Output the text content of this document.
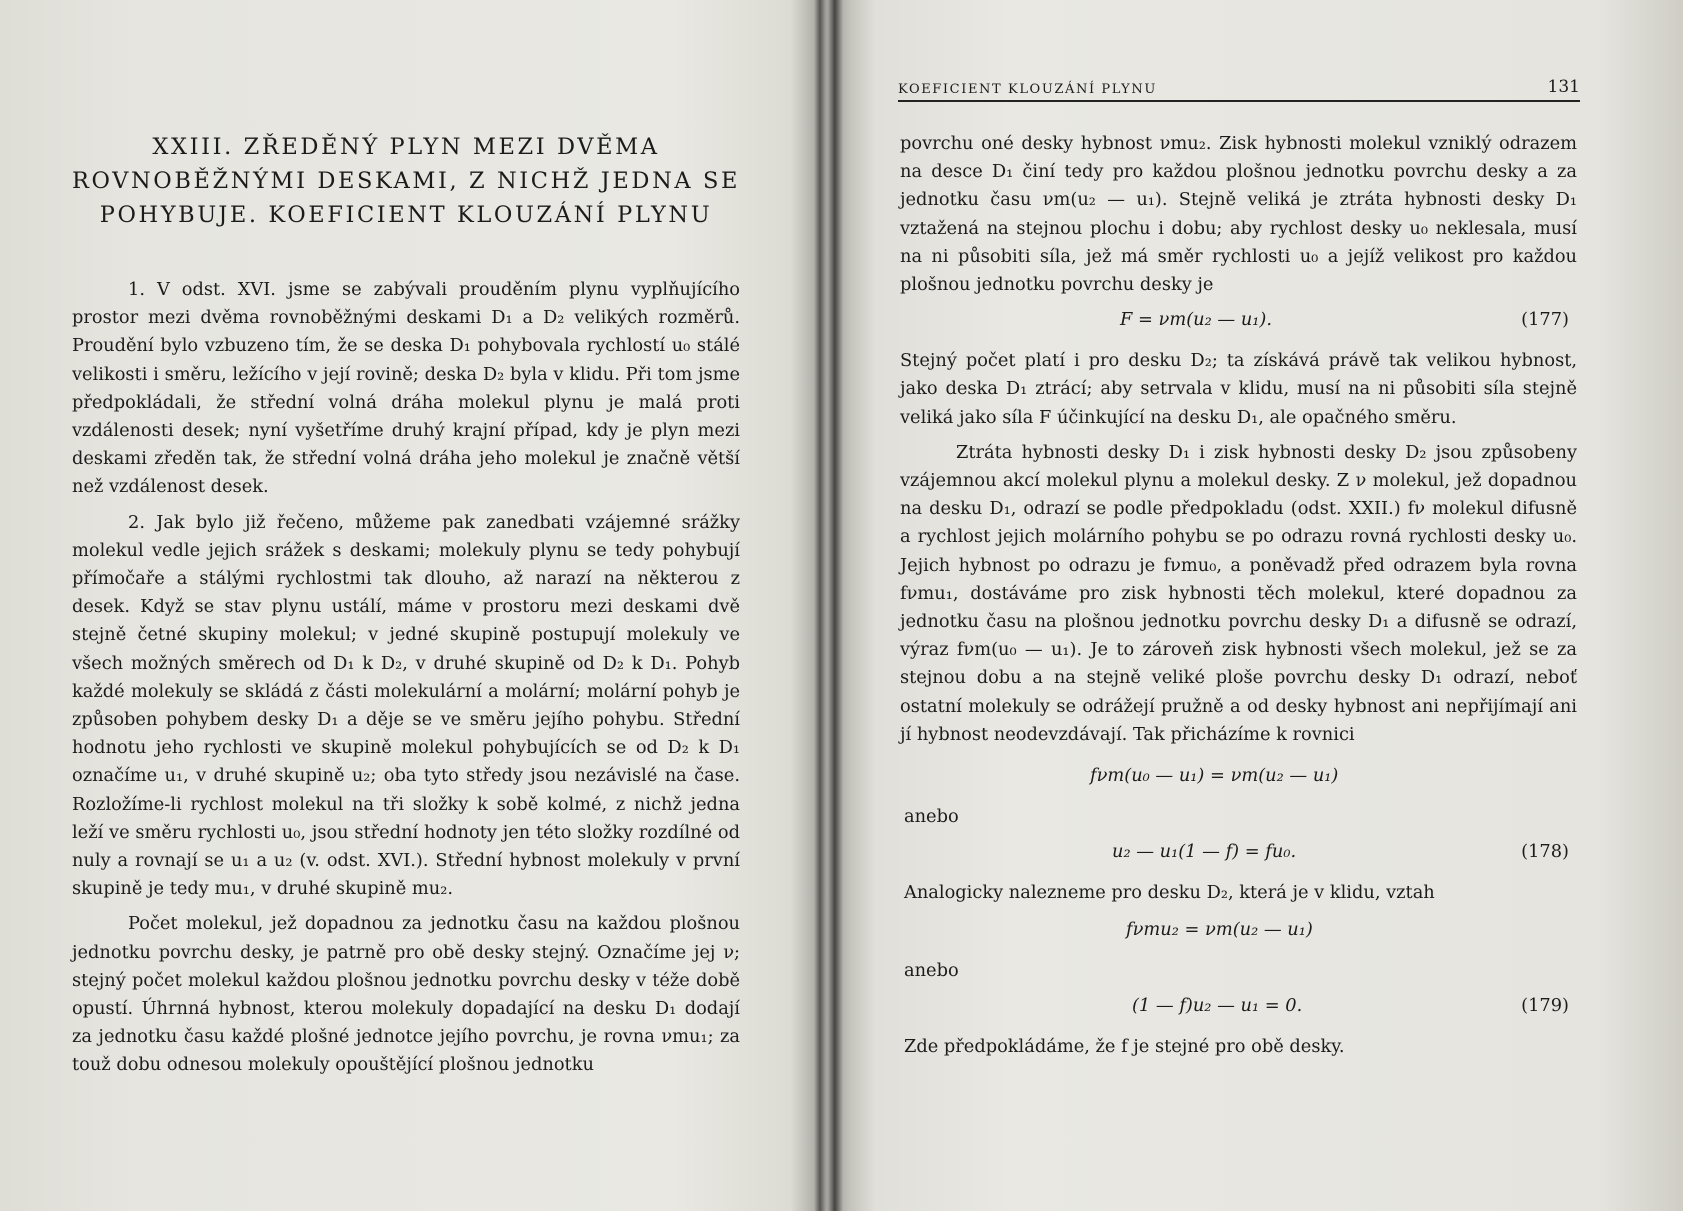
XXIII. ZŘEDĚNÝ PLYN MEZI DVĚMA
ROVNOBĚŽNÝMI DESKAMI, Z NICHŽ JEDNA SE
POHYBUJE. KOEFICIENT KLOUZÁNÍ PLYNU

1. V odst. XVI. jsme se zabývali prouděním plynu vyplňujícího prostor mezi dvěma rovnoběžnými deskami D₁ a D₂ velikých rozměrů. Proudění bylo vzbuzeno tím, že se deska D₁ pohybovala rychlostí u₀ stálé velikosti i směru, ležícího v její rovině; deska D₂ byla v klidu. Při tom jsme předpokládali, že střední volná dráha molekul plynu je malá proti vzdálenosti desek; nyní vyšetříme druhý krajní případ, kdy je plyn mezi deskami zředěn tak, že střední volná dráha jeho molekul je značně větší než vzdálenost desek.

2. Jak bylo již řečeno, můžeme pak zanedbati vzájemné srážky molekul vedle jejich srážek s deskami; molekuly plynu se tedy pohybují přímočaře a stálými rychlostmi tak dlouho, až narazí na některou z desek. Když se stav plynu ustálí, máme v prostoru mezi deskami dvě stejně četné skupiny molekul; v jedné skupině postupují molekuly ve všech možných směrech od D₁ k D₂, v druhé skupině od D₂ k D₁. Pohyb každé molekuly se skládá z části molekulární a molární; molární pohyb je způsoben pohybem desky D₁ a děje se ve směru jejího pohybu. Střední hodnotu jeho rychlosti ve skupině molekul pohybujících se od D₂ k D₁ označíme u₁, v druhé skupině u₂; oba tyto středy jsou nezávislé na čase. Rozložíme-li rychlost molekul na tři složky k sobě kolmé, z nichž jedna leží ve směru rychlosti u₀, jsou střední hodnoty jen této složky rozdílné od nuly a rovnají se u₁ a u₂ (v. odst. XVI.). Střední hybnost molekuly v první skupině je tedy mu₁, v druhé skupině mu₂.

Počet molekul, jež dopadnou za jednotku času na každou plošnou jednotku povrchu desky, je patrně pro obě desky stejný. Označíme jej ν; stejný počet molekul každou plošnou jednotku povrchu desky v téže době opustí. Úhrnná hybnost, kterou molekuly dopadající na desku D₁ dodají za jednotku času každé plošné jednotce jejího povrchu, je rovna νmu₁; za touž dobu odnesou molekuly opouštějící plošnou jednotku

KOEFICIENT KLOUZÁNÍ PLYNU	131

povrchu oné desky hybnost νmu₂. Zisk hybnosti molekul vzniklý odrazem na desce D₁ činí tedy pro každou plošnou jednotku povrchu desky a za jednotku času νm(u₂ — u₁). Stejně veliká je ztráta hybnosti desky D₁ vztažená na stejnou plochu i dobu; aby rychlost desky u₀ neklesala, musí na ni působiti síla, jež má směr rychlosti u₀ a jejíž velikost pro každou plošnou jednotku povrchu desky je

F = νm(u₂ — u₁).	(177)

Stejný počet platí i pro desku D₂; ta získává právě tak velikou hybnost, jako deska D₁ ztrácí; aby setrvala v klidu, musí na ni působiti síla stejně veliká jako síla F účinkující na desku D₁, ale opačného směru.

Ztráta hybnosti desky D₁ i zisk hybnosti desky D₂ jsou způsobeny vzájemnou akcí molekul plynu a molekul desky. Z ν molekul, jež dopadnou na desku D₁, odrazí se podle předpokladu (odst. XXII.) fν molekul difusně a rychlost jejich molárního pohybu se po odrazu rovná rychlosti desky u₀. Jejich hybnost po odrazu je fνmu₀, a poněvadž před odrazem byla rovna fνmu₁, dostáváme pro zisk hybnosti těch molekul, které dopadnou za jednotku času na plošnou jednotku povrchu desky D₁ a difusně se odrazí, výraz fνm(u₀ — u₁). Je to zároveň zisk hybnosti všech molekul, jež se za stejnou dobu a na stejně veliké ploše povrchu desky D₁ odrazí, neboť ostatní molekuly se odrážejí pružně a od desky hybnost ani nepřijímají ani jí hybnost neodevzdávají. Tak přicházíme k rovnici

fνm(u₀ — u₁) = νm(u₂ — u₁)
anebo
u₂ — u₁(1 — f) = fu₀.	(178)

Analogicky nalezneme pro desku D₂, která je v klidu, vztah

fνmu₂ = νm(u₂ — u₁)
anebo
(1 — f)u₂ — u₁ = 0.	(179)

Zde předpokládáme, že f je stejné pro obě desky.
